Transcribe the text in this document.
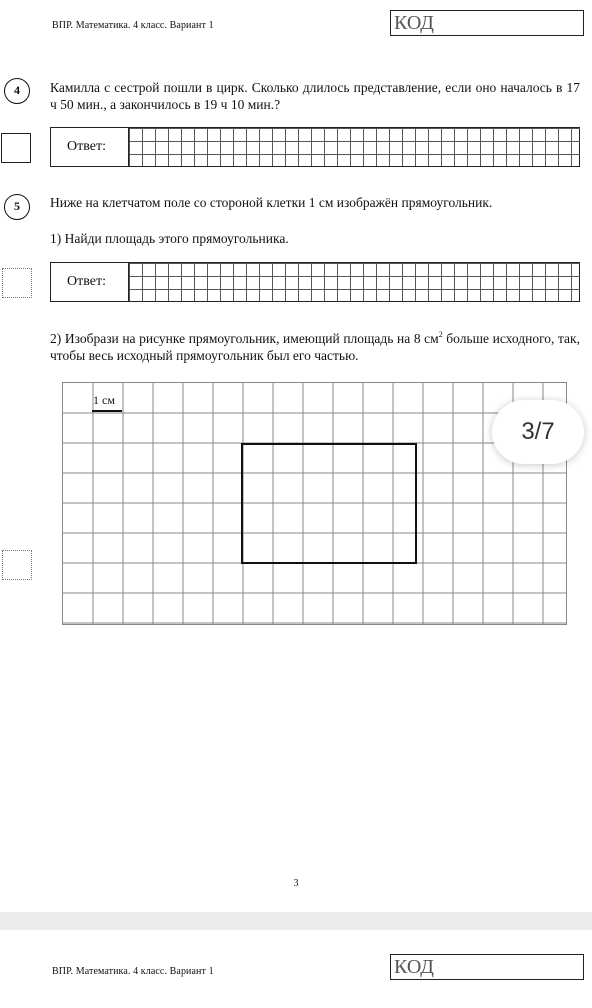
ВПР. Математика. 4 класс. Вариант 1	КОД
4	Камилла с сестрой пошли в цирк. Сколько длилось представление, если оно началось в 17 ч 50 мин., а закончилось в 19 ч 10 мин.?
Ответ:
5	Ниже на клетчатом поле со стороной клетки 1 см изображён прямоугольник.
1) Найди площадь этого прямоугольника.
Ответ:
2) Изобрази на рисунке прямоугольник, имеющий площадь на 8 $см^2$ больше исходного, так, чтобы весь исходный прямоугольник был его частью.
1 см
3/7
3
ВПР. Математика. 4 класс. Вариант 1	КОД
